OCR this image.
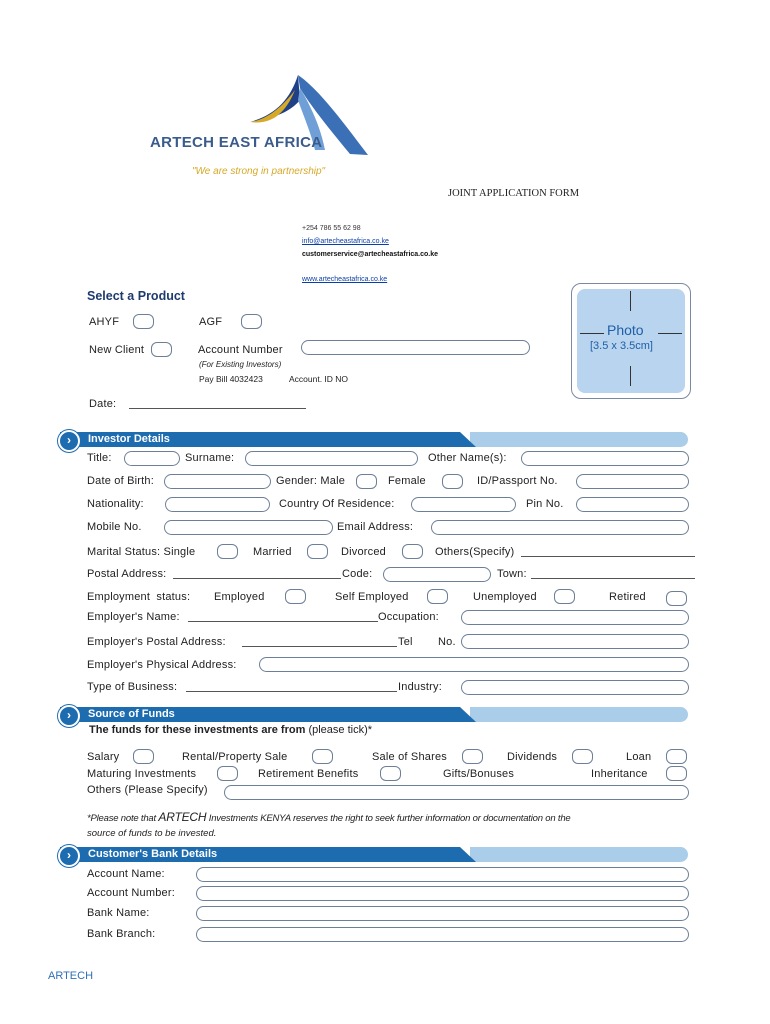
ARTECH EAST AFRICA
"We are strong in partnership"
JOINT APPLICATION FORM
+254 786 55 62 98
info@artecheastafrica.co.ke
customerservice@artecheastafrica.co.ke
www.artecheastafrica.co.ke
Photo
[3.5 x 3.5cm]
Select a Product
AHYF	AGF
New Client	Account Number
(For Existing Investors)
Pay Bill 4032423	Account. ID NO
Date:
Investor Details
›
Title:	Surname:	Other Name(s):
Date of Birth:	Gender: Male	Female	ID/Passport No.
Nationality:	Country Of Residence:	Pin No.
Mobile No.	Email Address:
Marital Status: Single	Married	Divorced	Others(Specify)
Postal Address:	Code:	Town:
Employment status: Employed	Self Employed	Unemployed	Retired
Employer's Name:	Occupation:
Employer's Postal Address:	Tel No.
Employer's Physical Address:
Type of Business:	Industry:
Source of Funds
›
The funds for these investments are from (please tick)*
Salary	Rental/Property Sale	Sale of Shares	Dividends	Loan
Maturing Investments	Retirement Benefits	Gifts/Bonuses	Inheritance
Others (Please Specify)
*Please note that ARTECH Investments KENYA reserves the right to seek further information or documentation on the
source of funds to be invested.
Customer's Bank Details
›
Account Name:
Account Number:
Bank Name:
Bank Branch:
ARTECH
